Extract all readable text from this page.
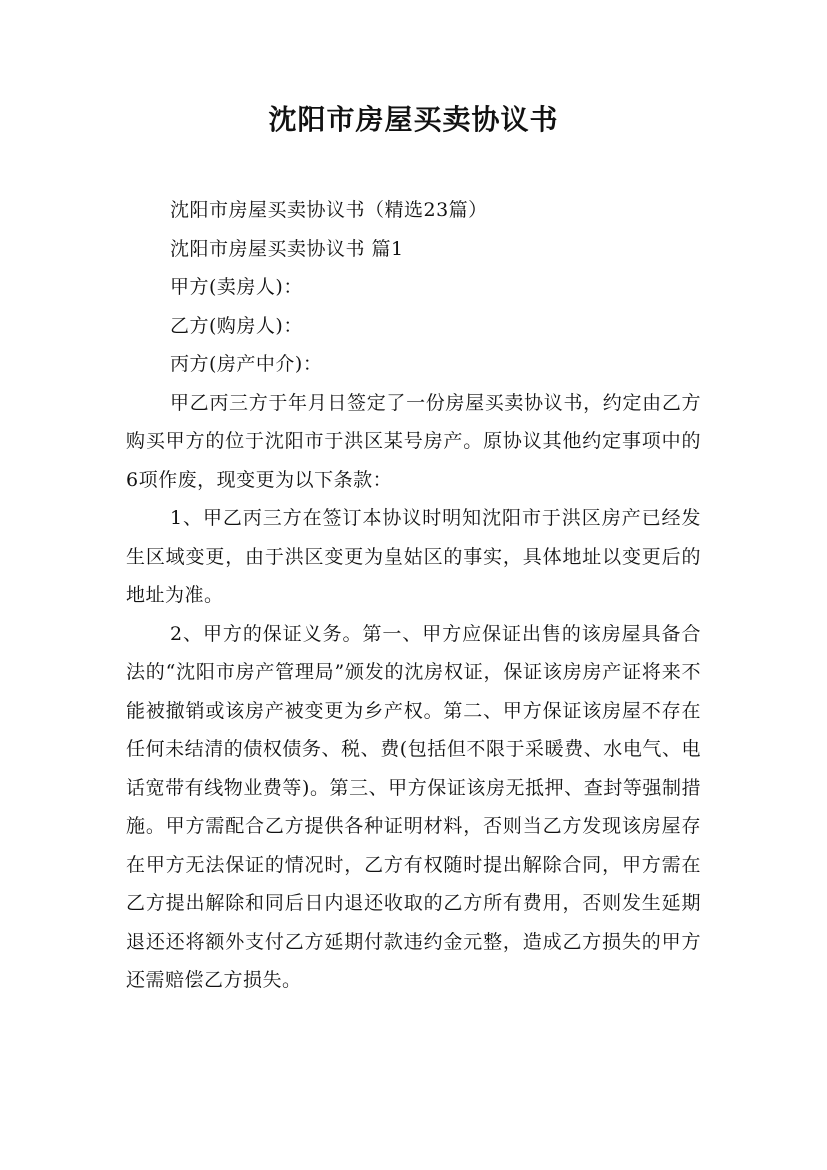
沈阳市房屋买卖协议书
沈阳市房屋买卖协议书（精选23篇）
沈阳市房屋买卖协议书 篇1
甲方(卖房人)：
乙方(购房人)：
丙方(房产中介)：

甲乙丙三方于年月日签定了一份房屋买卖协议书，约定由乙方购买甲方的位于沈阳市于洪区某号房产。原协议其他约定事项中的6项作废，现变更为以下条款：

1、甲乙丙三方在签订本协议时明知沈阳市于洪区房产已经发生区域变更，由于洪区变更为皇姑区的事实，具体地址以变更后的地址为准。

2、甲方的保证义务。第一、甲方应保证出售的该房屋具备合法的“沈阳市房产管理局”颁发的沈房权证，保证该房房产证将来不能被撤销或该房产被变更为乡产权。第二、甲方保证该房屋不存在任何未结清的债权债务、税、费(包括但不限于采暖费、水电气、电话宽带有线物业费等)。第三、甲方保证该房无抵押、查封等强制措施。甲方需配合乙方提供各种证明材料，否则当乙方发现该房屋存在甲方无法保证的情况时，乙方有权随时提出解除合同，甲方需在乙方提出解除和同后日内退还收取的乙方所有费用，否则发生延期退还还将额外支付乙方延期付款违约金元整，造成乙方损失的甲方还需赔偿乙方损失。
